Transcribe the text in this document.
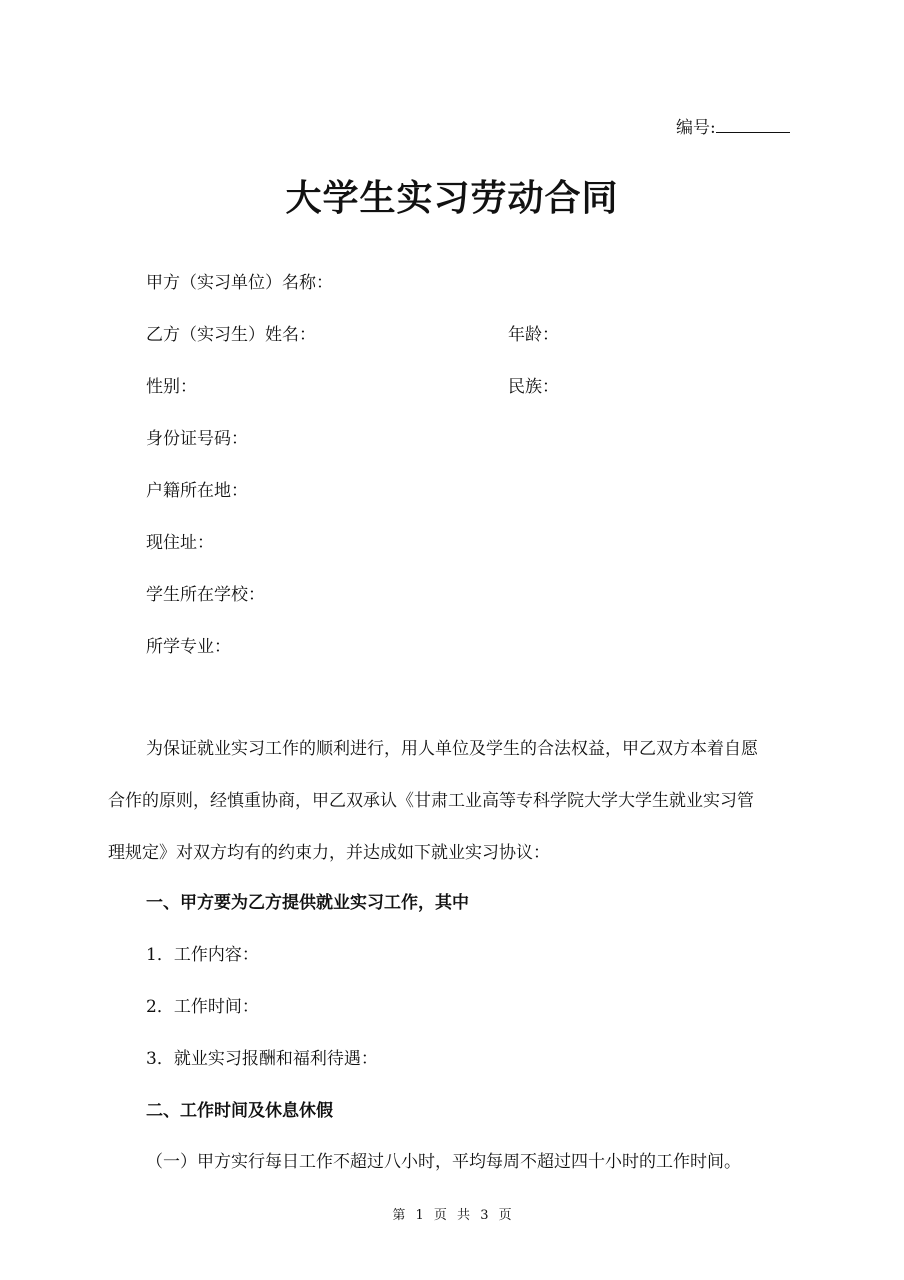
编号:
大学生实习劳动合同
甲方（实习单位）名称：
乙方（实习生）姓名：	年龄：
性别：	民族：
身份证号码：
户籍所在地：
现住址：
学生所在学校：
所学专业：
为保证就业实习工作的顺利进行，用人单位及学生的合法权益，甲乙双方本着自愿
合作的原则，经慎重协商，甲乙双承认《甘肃工业高等专科学院大学大学生就业实习管
理规定》对双方均有的约束力，并达成如下就业实习协议：
一、甲方要为乙方提供就业实习工作，其中
1．工作内容：
2．工作时间：
3．就业实习报酬和福利待遇：
二、工作时间及休息休假
（一）甲方实行每日工作不超过八小时，平均每周不超过四十小时的工作时间。
第 1 页 共 3 页
